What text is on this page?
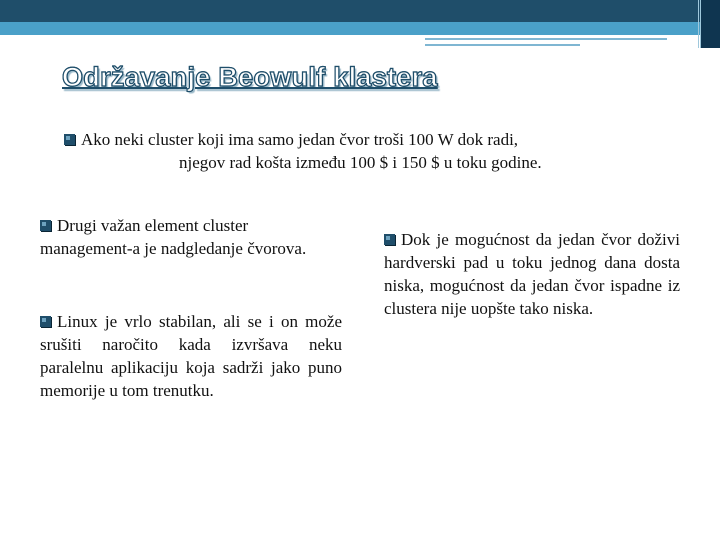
Održavanje Beowulf klastera

Ako neki cluster koji ima samo jedan čvor troši 100 W dok radi,
njegov rad košta između 100 $ i 150 $ u toku godine.

Drugi važan element cluster management-a je nadgledanje čvorova.

Linux je vrlo stabilan, ali se i on može srušiti naročito kada izvršava neku paralelnu aplikaciju koja sadrži jako puno memorije u tom trenutku.

Dok je mogućnost da jedan čvor doživi hardverski pad u toku jednog dana dosta niska, mogućnost da jedan čvor ispadne iz clustera nije uopšte tako niska.
